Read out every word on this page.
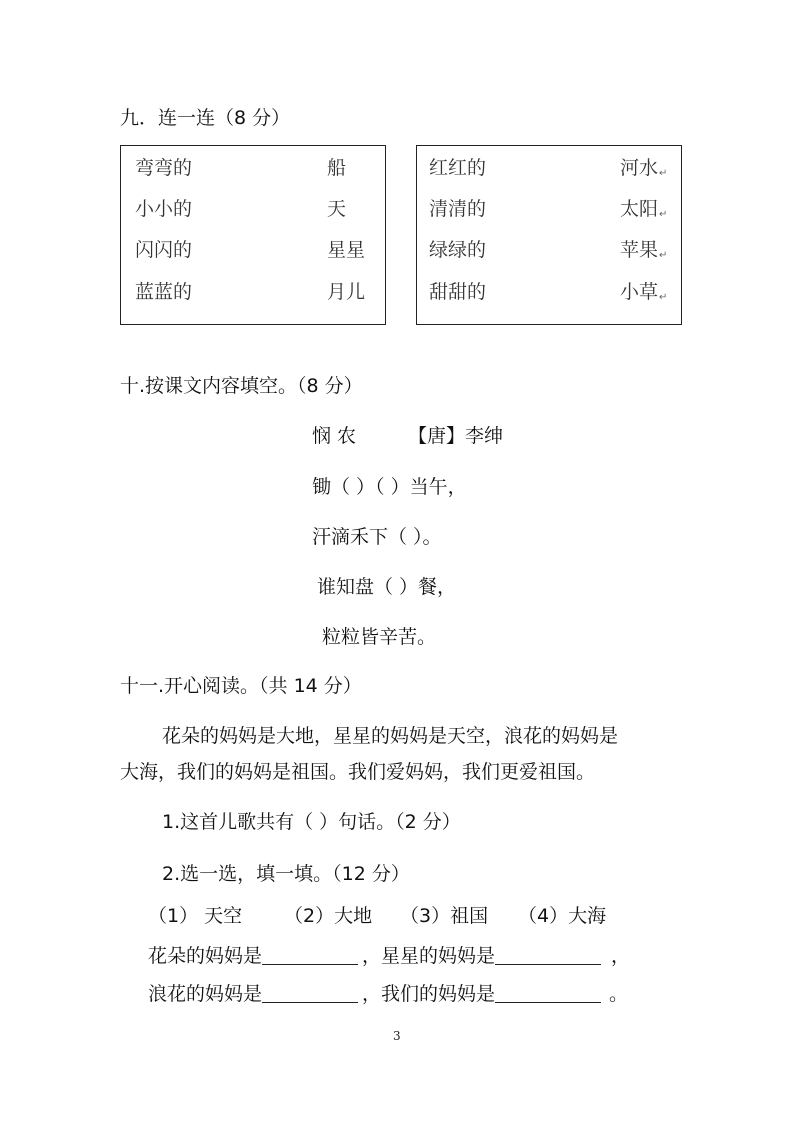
九．连一连（8 分）
弯弯的	船
小小的	天
闪闪的	星星
蓝蓝的	月儿
红红的	河水↵
清清的	太阳↵
绿绿的	苹果↵
甜甜的	小草↵
十.按课文内容填空。（8 分）
悯 农	【唐】李绅
锄（ ）（ ）当午，
汗滴禾下（ ）。
谁知盘（ ）餐，
粒粒皆辛苦。
十一.开心阅读。（共 14 分）
花朵的妈妈是大地，星星的妈妈是天空，浪花的妈妈是
大海，我们的妈妈是祖国。我们爱妈妈，我们更爱祖国。
1.这首儿歌共有（ ）句话。（2 分）
2.选一选，填一填。（12 分）
（1） 天空 （2）大地 （3）祖国 （4）大海
花朵的妈妈是	，星星的妈妈是	，
浪花的妈妈是	，我们的妈妈是	。
3
